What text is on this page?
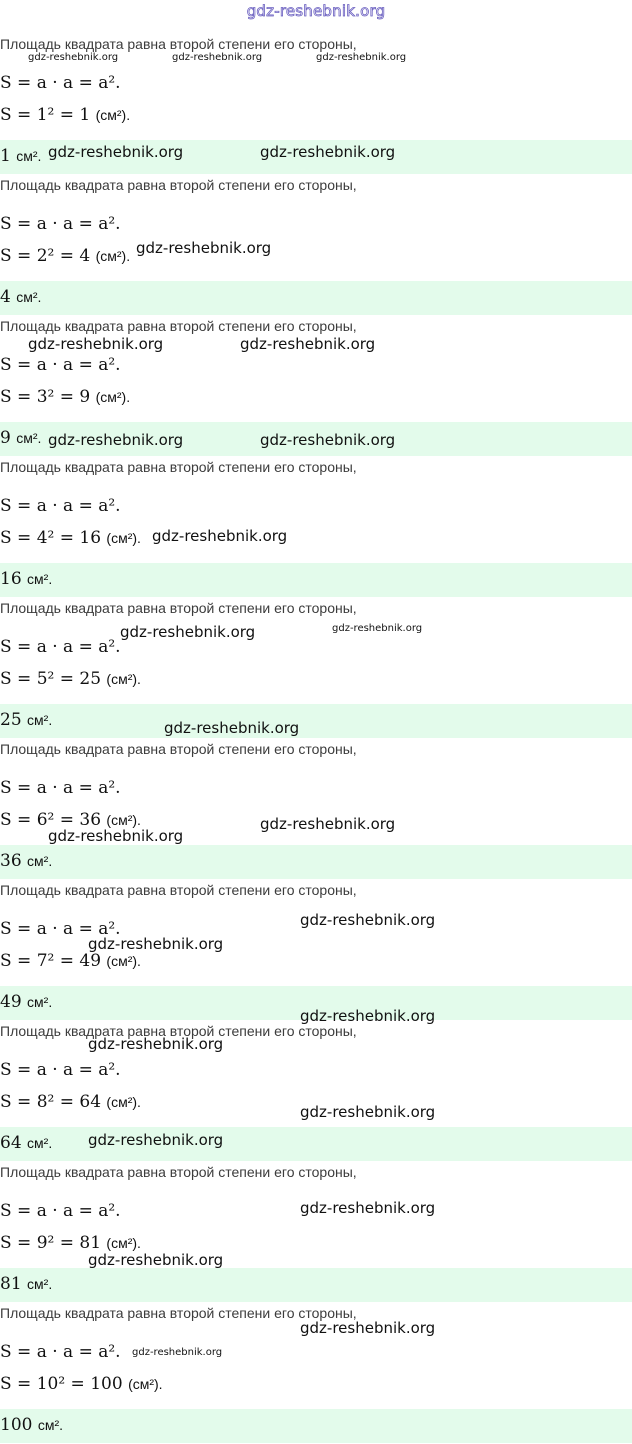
gdz-reshebnik.org
Площадь квадрата равна второй степени его стороны,
S = a · a = a².
S = 1² = 1 (см²).
1 см².
Площадь квадрата равна второй степени его стороны,
S = a · a = a².
S = 2² = 4 (см²).
4 см².
Площадь квадрата равна второй степени его стороны,
S = a · a = a².
S = 3² = 9 (см²).
9 см².
Площадь квадрата равна второй степени его стороны,
S = a · a = a².
S = 4² = 16 (см²).
16 см².
Площадь квадрата равна второй степени его стороны,
S = a · a = a².
S = 5² = 25 (см²).
25 см².
Площадь квадрата равна второй степени его стороны,
S = a · a = a².
S = 6² = 36 (см²).
36 см².
Площадь квадрата равна второй степени его стороны,
S = a · a = a².
S = 7² = 49 (см²).
49 см².
Площадь квадрата равна второй степени его стороны,
S = a · a = a².
S = 8² = 64 (см²).
64 см².
Площадь квадрата равна второй степени его стороны,
S = a · a = a².
S = 9² = 81 (см²).
81 см².
Площадь квадрата равна второй степени его стороны,
S = a · a = a².
S = 10² = 100 (см²).
100 см².
gdz-reshebnik.org	gdz-reshebnik.org	gdz-reshebnik.org
gdz-reshebnik.org	gdz-reshebnik.org
gdz-reshebnik.org
gdz-reshebnik.org	gdz-reshebnik.org
gdz-reshebnik.org	gdz-reshebnik.org
gdz-reshebnik.org
gdz-reshebnik.org	gdz-reshebnik.org
gdz-reshebnik.org
gdz-reshebnik.org
gdz-reshebnik.org
gdz-reshebnik.org
gdz-reshebnik.org
gdz-reshebnik.org
gdz-reshebnik.org
gdz-reshebnik.org
gdz-reshebnik.org
gdz-reshebnik.org
gdz-reshebnik.org
gdz-reshebnik.org
gdz-reshebnik.org
